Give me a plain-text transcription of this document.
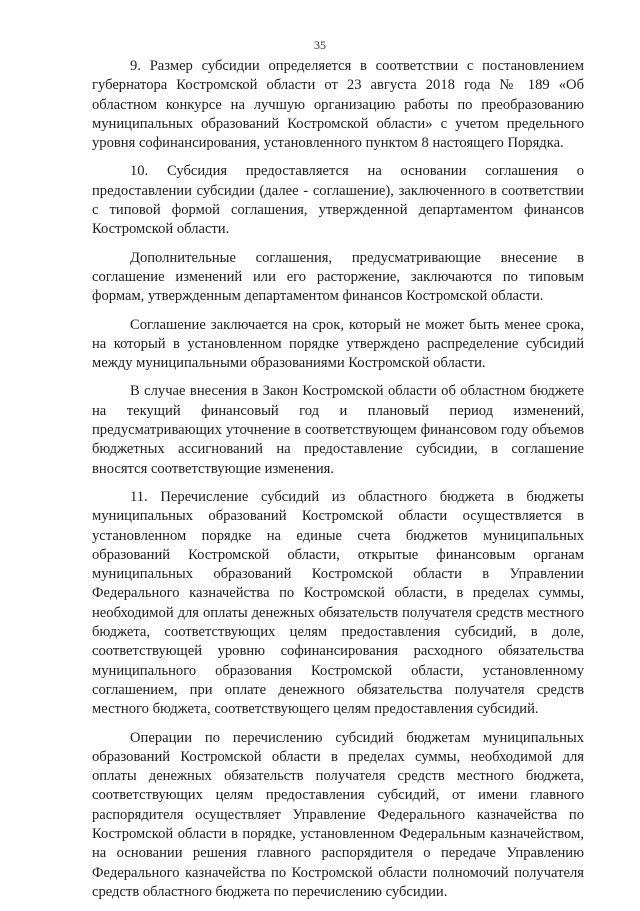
35

9. Размер субсидии определяется в соответствии с постановлением губернатора Костромской области от 23 августа 2018 года № 189 «Об областном конкурсе на лучшую организацию работы по преобразованию муниципальных образований Костромской области» с учетом предельного уровня софинансирования, установленного пунктом 8 настоящего Порядка.

10. Субсидия предоставляется на основании соглашения о предоставлении субсидии (далее - соглашение), заключенного в соответствии с типовой формой соглашения, утвержденной департаментом финансов Костромской области.

Дополнительные соглашения, предусматривающие внесение в соглашение изменений или его расторжение, заключаются по типовым формам, утвержденным департаментом финансов Костромской области.

Соглашение заключается на срок, который не может быть менее срока, на который в установленном порядке утверждено распределение субсидий между муниципальными образованиями Костромской области.

В случае внесения в Закон Костромской области об областном бюджете на текущий финансовый год и плановый период изменений, предусматривающих уточнение в соответствующем финансовом году объемов бюджетных ассигнований на предоставление субсидии, в соглашение вносятся соответствующие изменения.

11. Перечисление субсидий из областного бюджета в бюджеты муниципальных образований Костромской области осуществляется в установленном порядке на единые счета бюджетов муниципальных образований Костромской области, открытые финансовым органам муниципальных образований Костромской области в Управлении Федерального казначейства по Костромской области, в пределах суммы, необходимой для оплаты денежных обязательств получателя средств местного бюджета, соответствующих целям предоставления субсидий, в доле, соответствующей уровню софинансирования расходного обязательства муниципального образования Костромской области, установленному соглашением, при оплате денежного обязательства получателя средств местного бюджета, соответствующего целям предоставления субсидий.

Операции по перечислению субсидий бюджетам муниципальных образований Костромской области в пределах суммы, необходимой для оплаты денежных обязательств получателя средств местного бюджета, соответствующих целям предоставления субсидий, от имени главного распорядителя осуществляет Управление Федерального казначейства по Костромской области в порядке, установленном Федеральным казначейством, на основании решения главного распорядителя о передаче Управлению Федерального казначейства по Костромской области полномочий получателя средств областного бюджета по перечислению субсидии.
